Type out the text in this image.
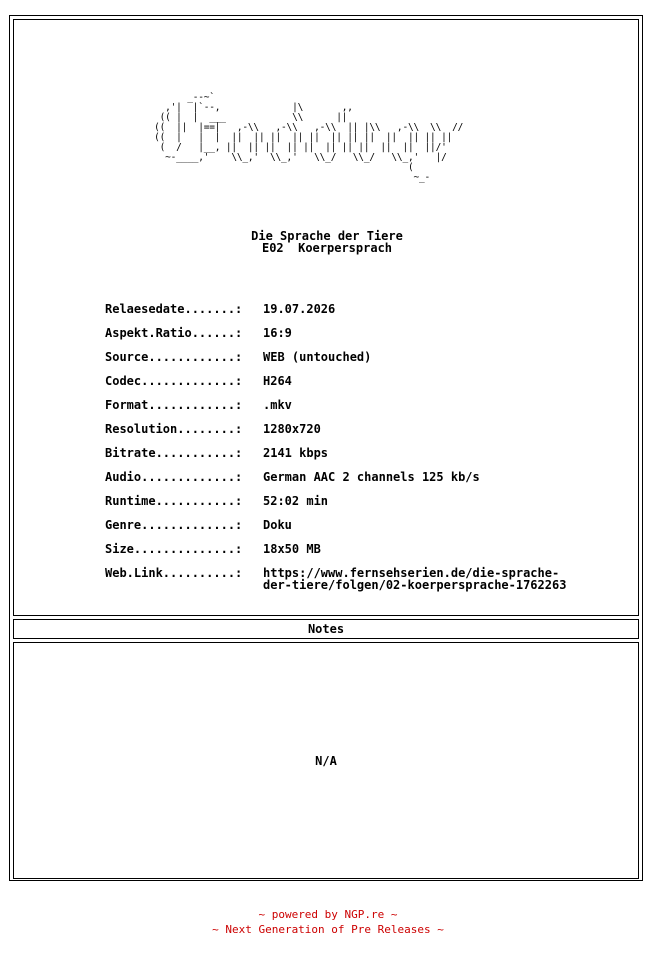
_--~`
,'|  |`--,             |\       ,,
(( |  |  ___            \\      ||
((  ||  |==|   ,-\\   ,-\\   ,-\\  || |\\   ,-\\  \\  //
((  |   |  |  ||  || ||  || ||  || || ||  ||  || || ||
(  /   |__, ||  || ||  || ||  || || ||  ||  ||  ||/'
~-____,'    \\_,'  \\_,'   \\_/   \\_/   \\_,'   |/
(
~_-
Die Sprache der Tiere
E02  Koerpersprach
Relaesedate.......:	19.07.2026
Aspekt.Ratio......:	16:9
Source............:	WEB (untouched)
Codec.............:	H264
Format............:	.mkv
Resolution........:	1280x720
Bitrate...........:	2141 kbps
Audio.............:	German AAC 2 channels 125 kb/s
Runtime...........:	52:02 min
Genre.............:	Doku
Size..............:	18x50 MB
Web.Link..........:	https://www.fernsehserien.de/die-sprache-
der-tiere/folgen/02-koerpersprache-1762263
Notes
N/A
~ powered by NGP.re ~
~ Next Generation of Pre Releases ~
